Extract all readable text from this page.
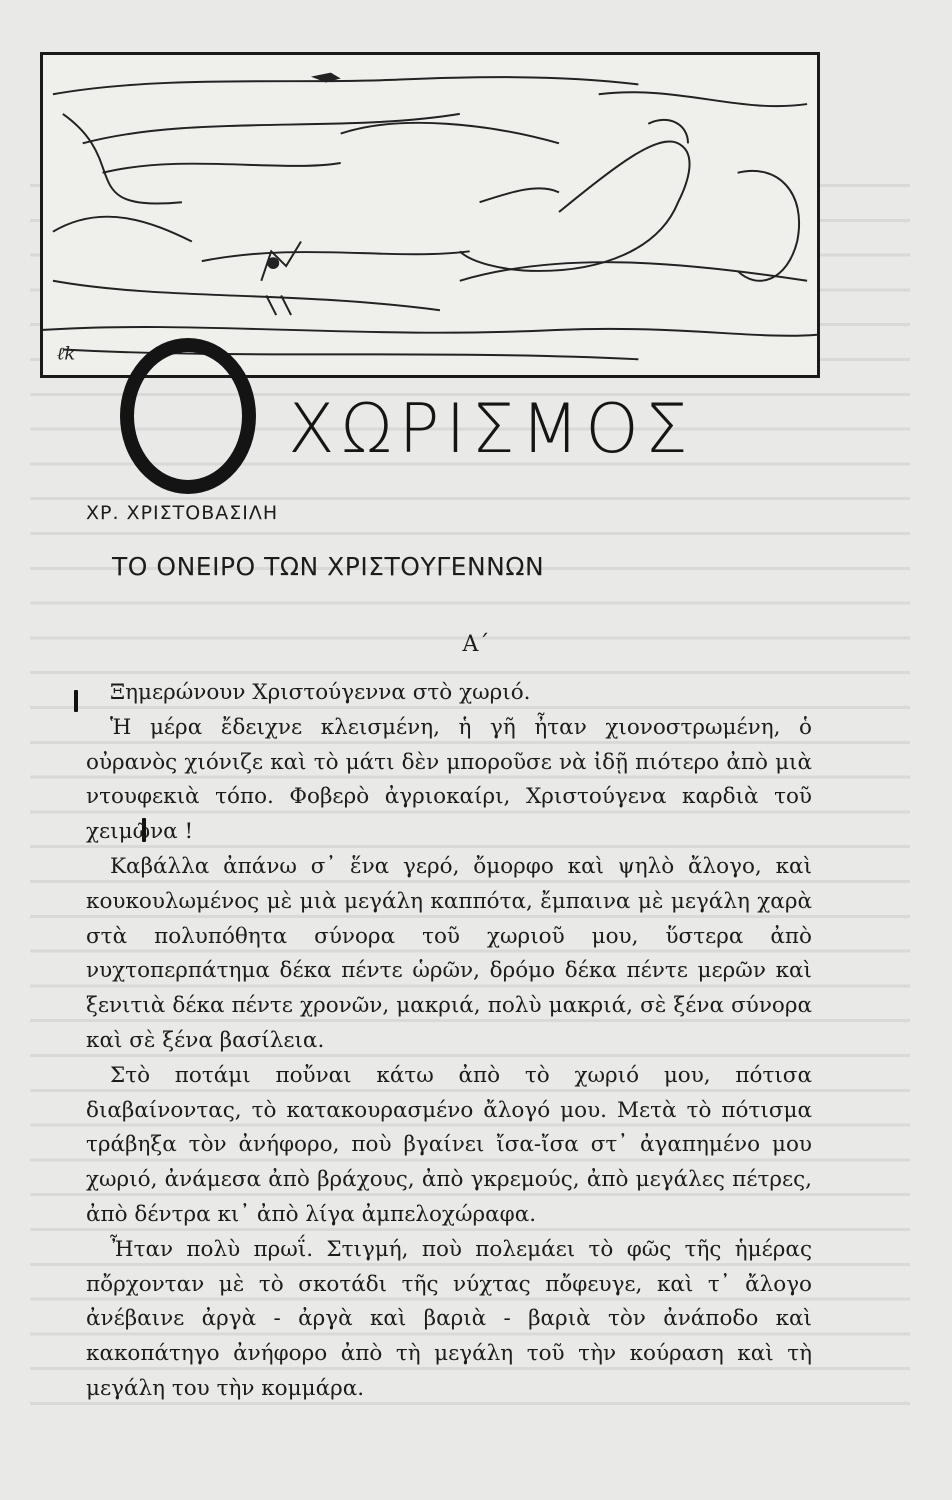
ℓk
ΧΩΡΙΣΜΟΣ
ΧΡ. ΧΡΙΣΤΟΒΑΣΙΛΗ
ΤΟ ΟΝΕΙΡΟ ΤΩΝ ΧΡΙΣΤΟΥΓΕΝΝΩΝ
Α΄

Ξημερώνουν Χριστούγεννα στὸ χωριό.

Ἡ μέρα ἔδειχνε κλεισμένη, ἡ γῆ ἦταν χιονοστρωμένη, ὁ οὐρανὸς χιόνιζε καὶ τὸ μάτι δὲν μποροῦσε νὰ ἰδῇ πιότερο ἀπὸ μιὰ ντουφεκιὰ τόπο. Φοβερὸ ἀγριοκαίρι, Χριστούγενα καρδιὰ τοῦ χειμῶνα !

Καβάλλα ἀπάνω σ᾿ ἕνα γερό, ὄμορφο καὶ ψηλὸ ἄλογο, καὶ κουκουλωμένος μὲ μιὰ μεγάλη καππότα, ἔμπαινα μὲ μεγάλη χαρὰ στὰ πολυπόθητα σύνορα τοῦ χωριοῦ μου, ὕστερα ἀπὸ νυχτοπερπάτημα δέκα πέντε ὡρῶν, δρόμο δέκα πέντε μερῶν καὶ ξενιτιὰ δέκα πέντε χρονῶν, μακριά, πολὺ μακριά, σὲ ξένα σύνορα καὶ σὲ ξένα βασίλεια.

Στὸ ποτάμι ποὔναι κάτω ἀπὸ τὸ χωριό μου, πότισα διαβαίνοντας, τὸ κατακουρασμένο ἄλογό μου. Μετὰ τὸ πότισμα τράβηξα τὸν ἀνήφορο, ποὺ βγαίνει ἴσα-ἴσα στ᾿ ἀγαπημένο μου χωριό, ἀνάμεσα ἀπὸ βράχους, ἀπὸ γκρεμούς, ἀπὸ μεγάλες πέτρες, ἀπὸ δέντρα κι᾿ ἀπὸ λίγα ἀμπελοχώραφα.

Ἦταν πολὺ πρωΐ. Στιγμή, ποὺ πολεμάει τὸ φῶς τῆς ἡμέρας πὄρχονταν μὲ τὸ σκοτάδι τῆς νύχτας πὄφευγε, καὶ τ᾿ ἄλογο ἀνέβαινε ἀργὰ - ἀργὰ καὶ βαριὰ - βαριὰ τὸν ἀνάποδο καὶ κακοπάτηγο ἀνήφορο ἀπὸ τὴ μεγάλη τοῦ τὴν κούραση καὶ τὴ μεγάλη του τὴν κομμάρα.
